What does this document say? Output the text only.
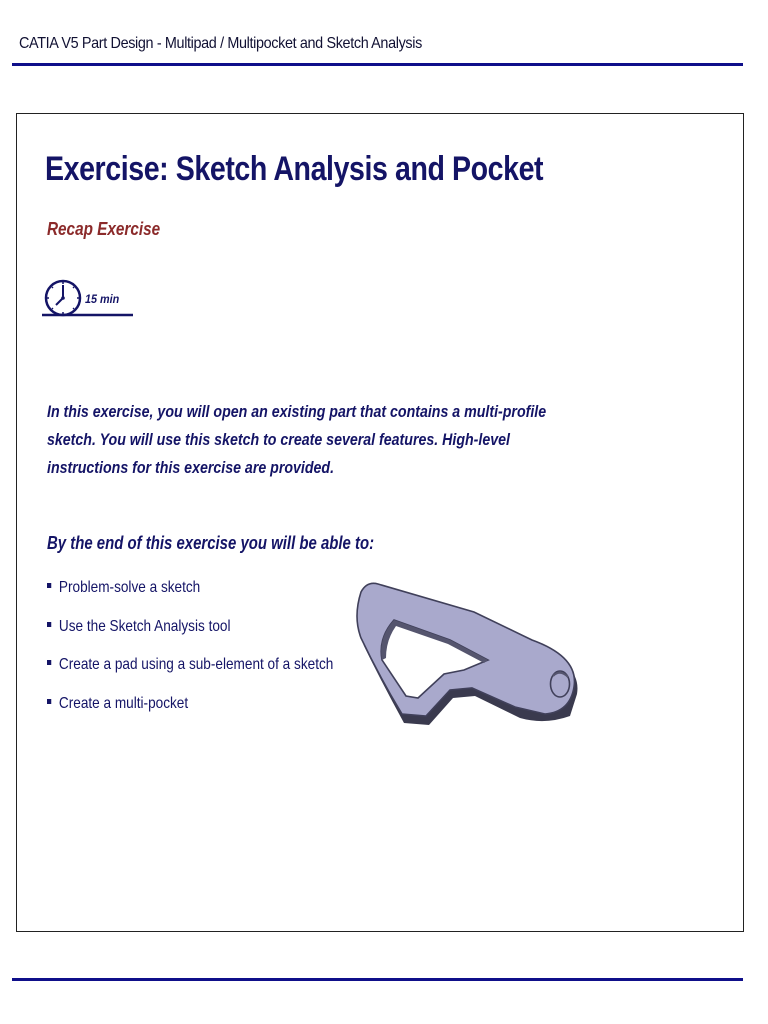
CATIA V5 Part Design - Multipad / Multipocket and Sketch Analysis
Exercise: Sketch Analysis and Pocket
Recap Exercise
15 min
In this exercise, you will open an existing part that contains a multi-profile sketch. You will use this sketch to create several features. High-level instructions for this exercise are provided.
By the end of this exercise you will be able to:
Problem-solve a sketch
Use the Sketch Analysis tool
Create a pad using a sub-element of a sketch
Create a multi-pocket
